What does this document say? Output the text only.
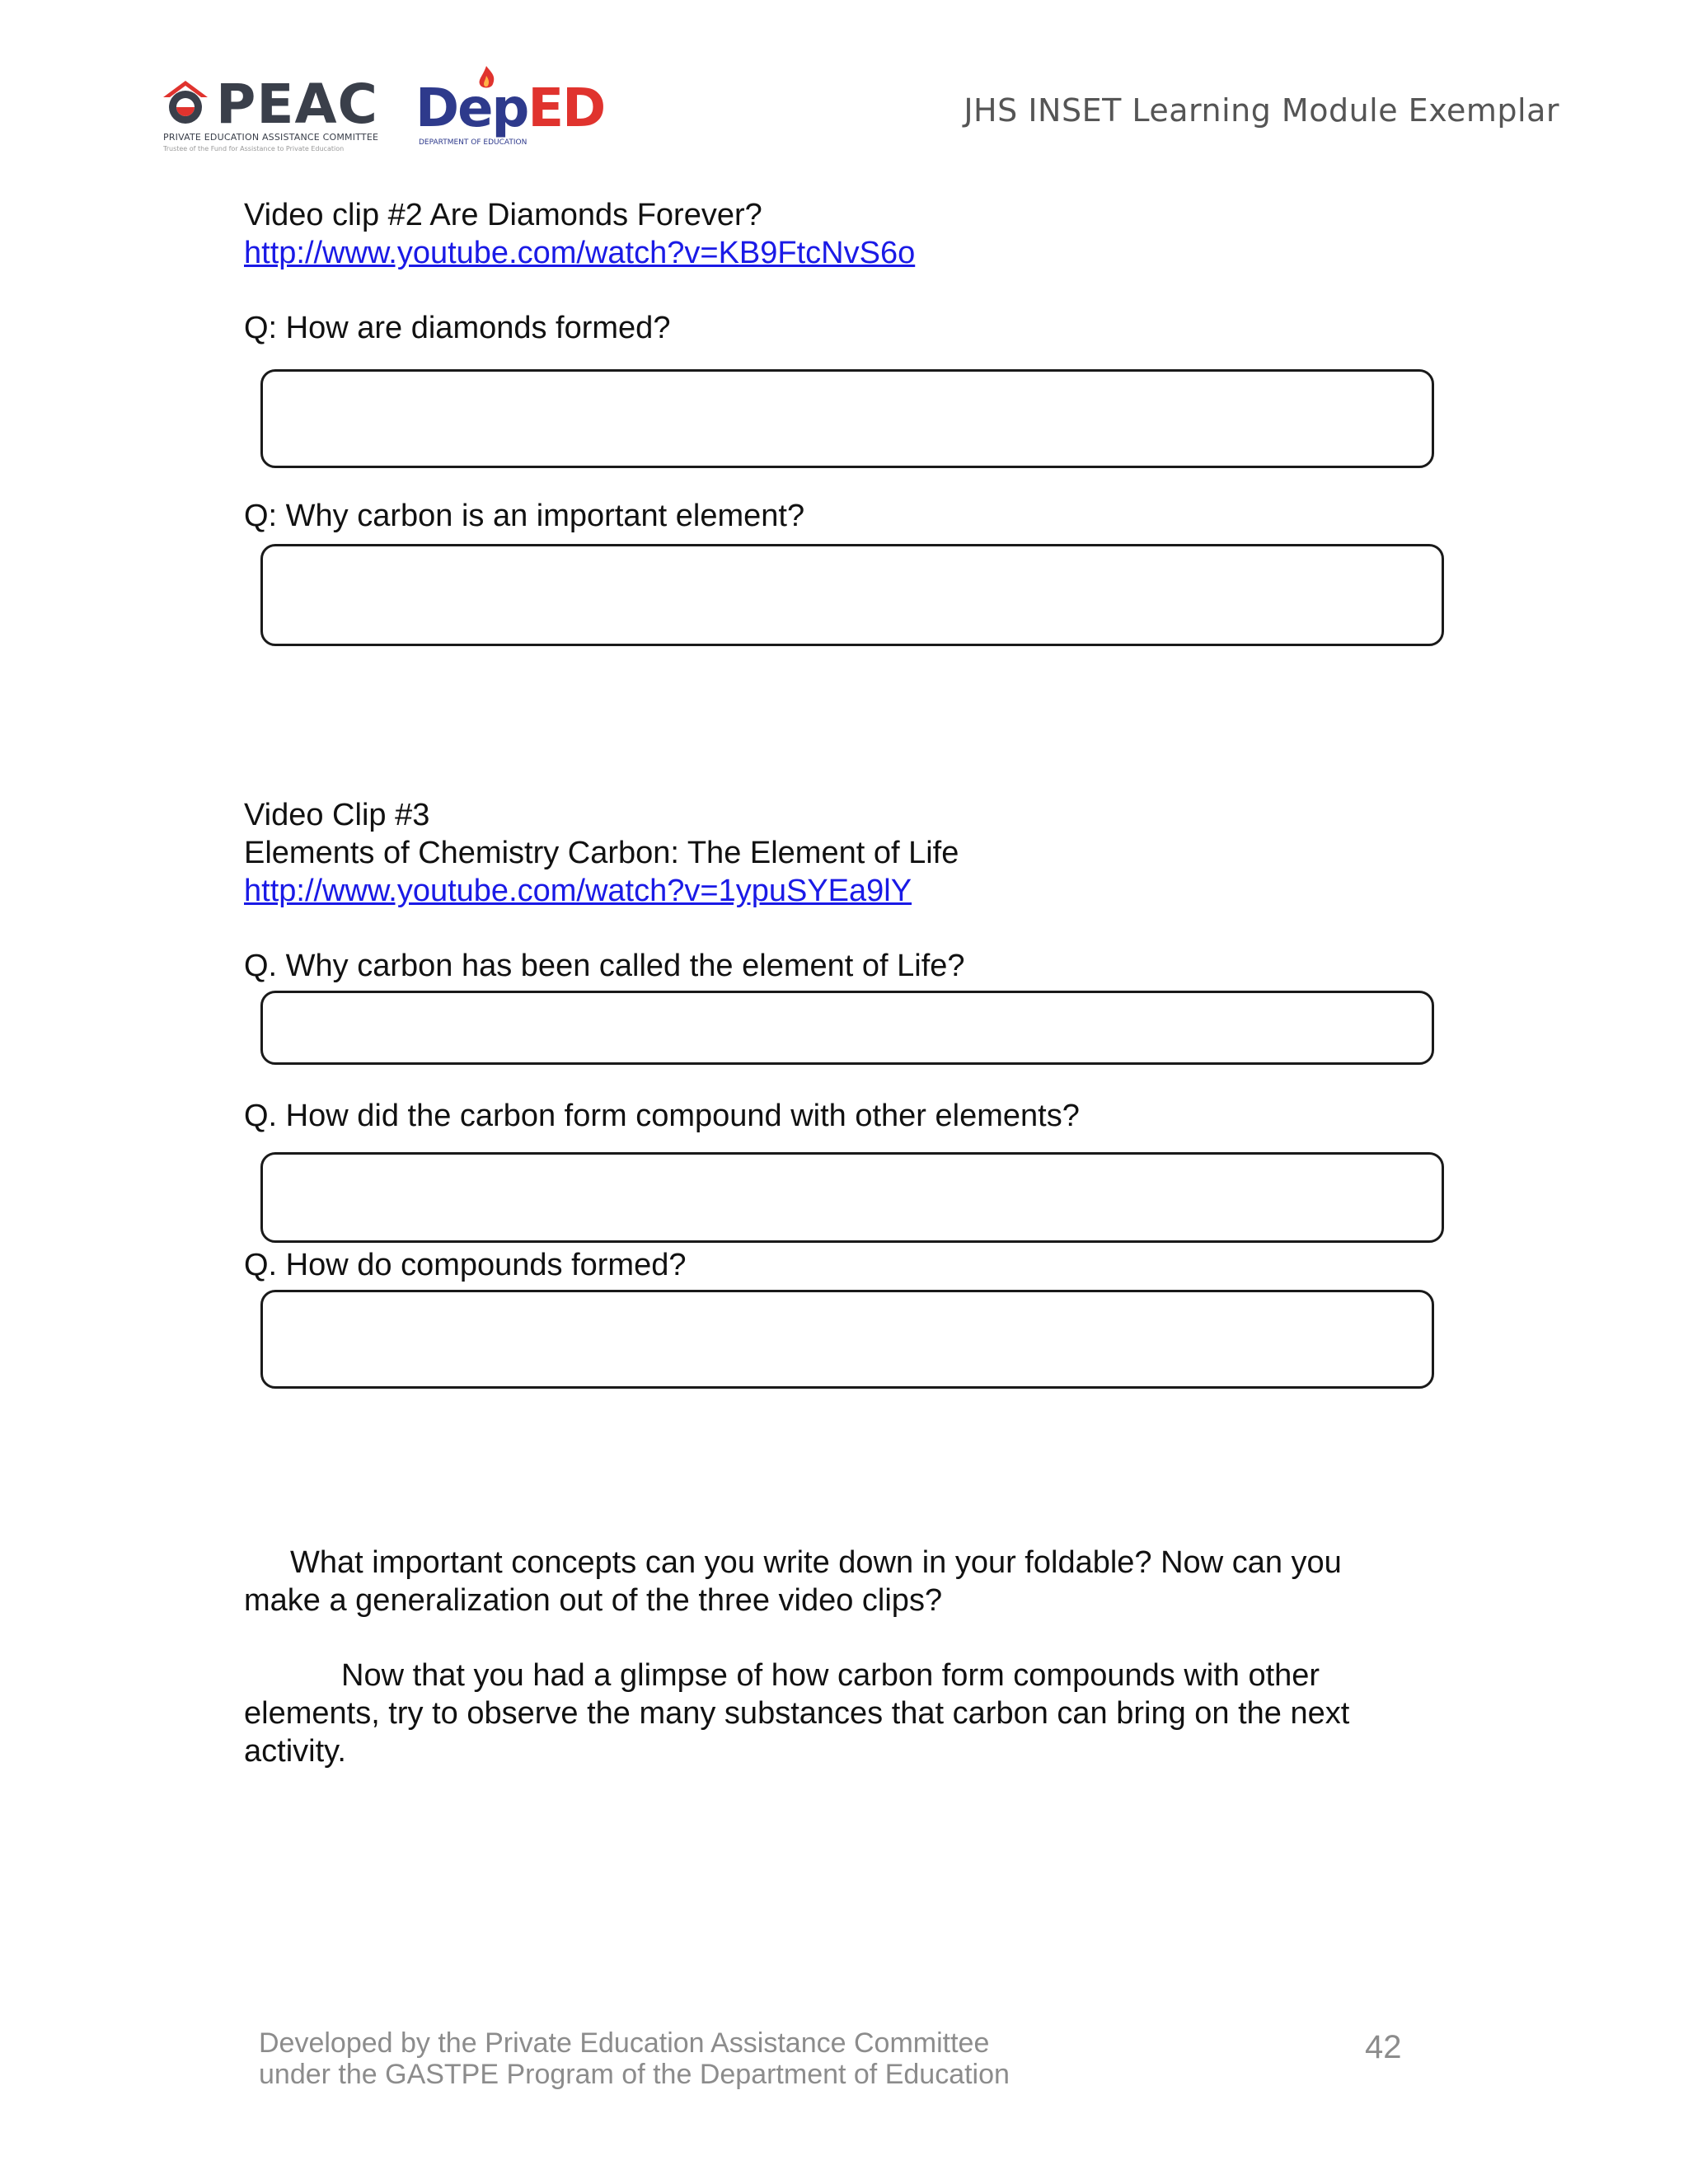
PEAC
PRIVATE EDUCATION ASSISTANCE COMMITTEE
Trustee of the Fund for Assistance to Private Education
DepED
DEPARTMENT OF EDUCATION
JHS INSET Learning Module Exemplar
Video clip #2 Are Diamonds Forever?
http://www.youtube.com/watch?v=KB9FtcNvS6o
Q: How are diamonds formed?
Q: Why carbon is an important element?
Video Clip #3
Elements of Chemistry Carbon: The Element of Life
http://www.youtube.com/watch?v=1ypuSYEa9lY
Q. Why carbon has been called the element of Life?
Q. How did the carbon form compound with other elements?
Q. How do compounds formed?
What important concepts can you write down in your foldable? Now can you
make a generalization out of the three video clips?
Now that you had a glimpse of how carbon form compounds with other
elements, try to observe the many substances that carbon can bring on the next
activity.
Developed by the Private Education Assistance Committee
under the GASTPE Program of the Department of Education
42
